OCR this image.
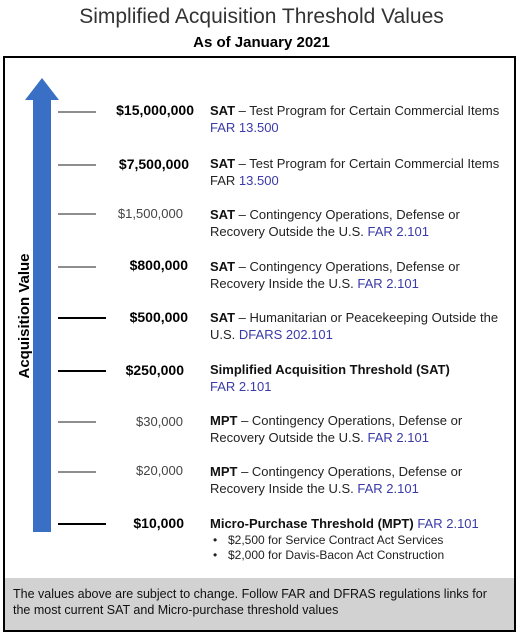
Simplified Acquisition Threshold Values
As of January 2021
Acquisition Value
$15,000,000 SAT – Test Program for Certain Commercial Items FAR 13.500
$7,500,000 SAT – Test Program for Certain Commercial Items FAR 13.500
$1,500,000 SAT – Contingency Operations, Defense or Recovery Outside the U.S. FAR 2.101
$800,000 SAT – Contingency Operations, Defense or Recovery Inside the U.S. FAR 2.101
$500,000 SAT – Humanitarian or Peacekeeping Outside the U.S. DFARS 202.101
$250,000 Simplified Acquisition Threshold (SAT)
FAR 2.101
$30,000 MPT – Contingency Operations, Defense or Recovery Outside the U.S. FAR 2.101
$20,000 MPT – Contingency Operations, Defense or Recovery Inside the U.S. FAR 2.101
$10,000 Micro-Purchase Threshold (MPT) FAR 2.101
• $2,500 for Service Contract Act Services
• $2,000 for Davis-Bacon Act Construction
The values above are subject to change. Follow FAR and DFRAS regulations links for the most current SAT and Micro-purchase threshold values
